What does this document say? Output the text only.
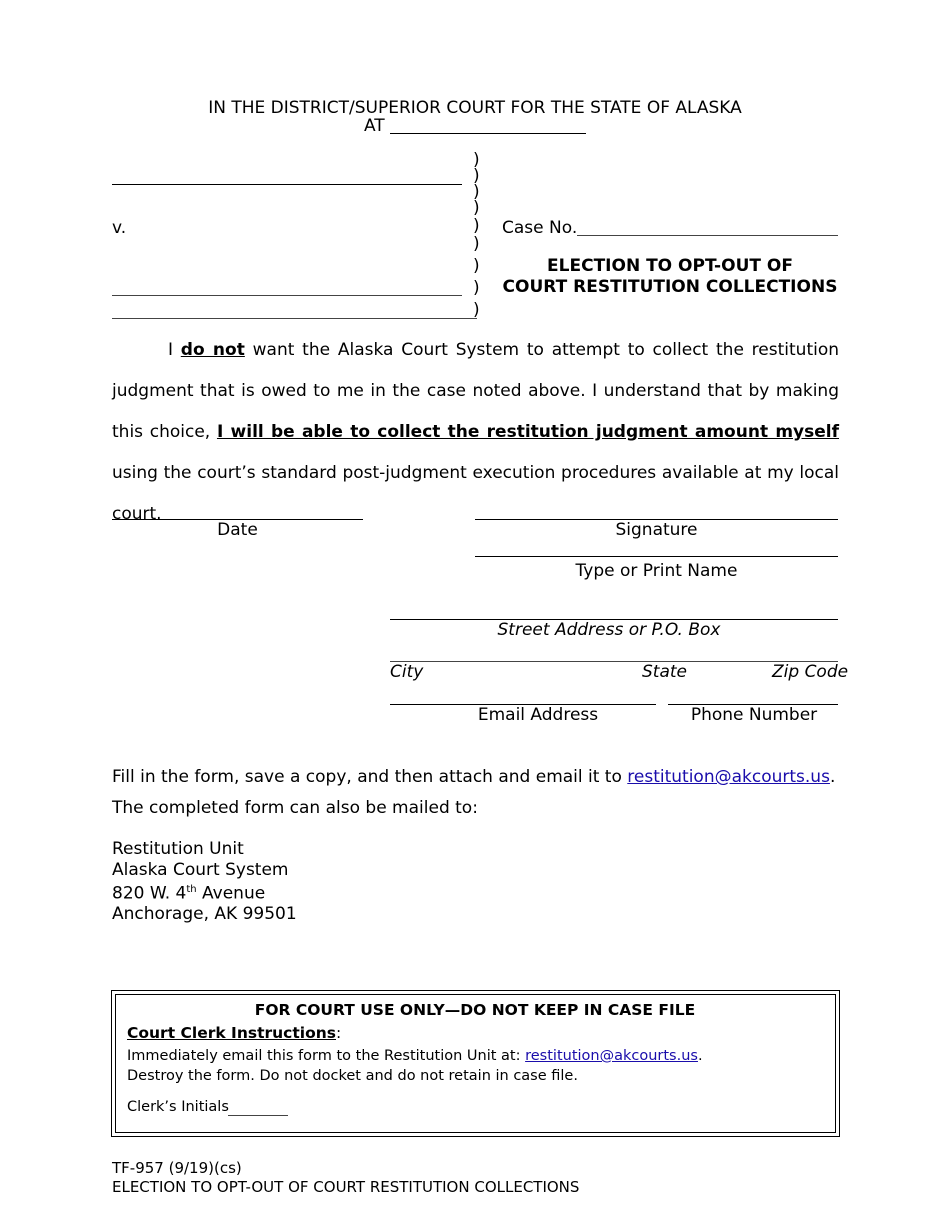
IN THE DISTRICT/SUPERIOR COURT FOR THE STATE OF ALASKA
AT
v.
)
)
)
)
)
)
)
)
)
Case No.
ELECTION TO OPT-OUT OF
COURT RESTITUTION COLLECTIONS
I do not want the Alaska Court System to attempt to collect the restitution judgment that is owed to me in the case noted above. I understand that by making this choice, I will be able to collect the restitution judgment amount myself using the court’s standard post-judgment execution procedures available at my local court.
Date	Signature
Type or Print Name
Street Address or P.O. Box
City	State	Zip Code
Email Address	Phone Number
Fill in the form, save a copy, and then attach and email it to restitution@akcourts.us.
The completed form can also be mailed to:
Restitution Unit
Alaska Court System
820 W. 4th Avenue
Anchorage, AK 99501
FOR COURT USE ONLY—DO NOT KEEP IN CASE FILE
Court Clerk Instructions:
Immediately email this form to the Restitution Unit at: restitution@akcourts.us.
Destroy the form. Do not docket and do not retain in case file.
Clerk’s Initials
TF-957 (9/19)(cs)
ELECTION TO OPT-OUT OF COURT RESTITUTION COLLECTIONS
